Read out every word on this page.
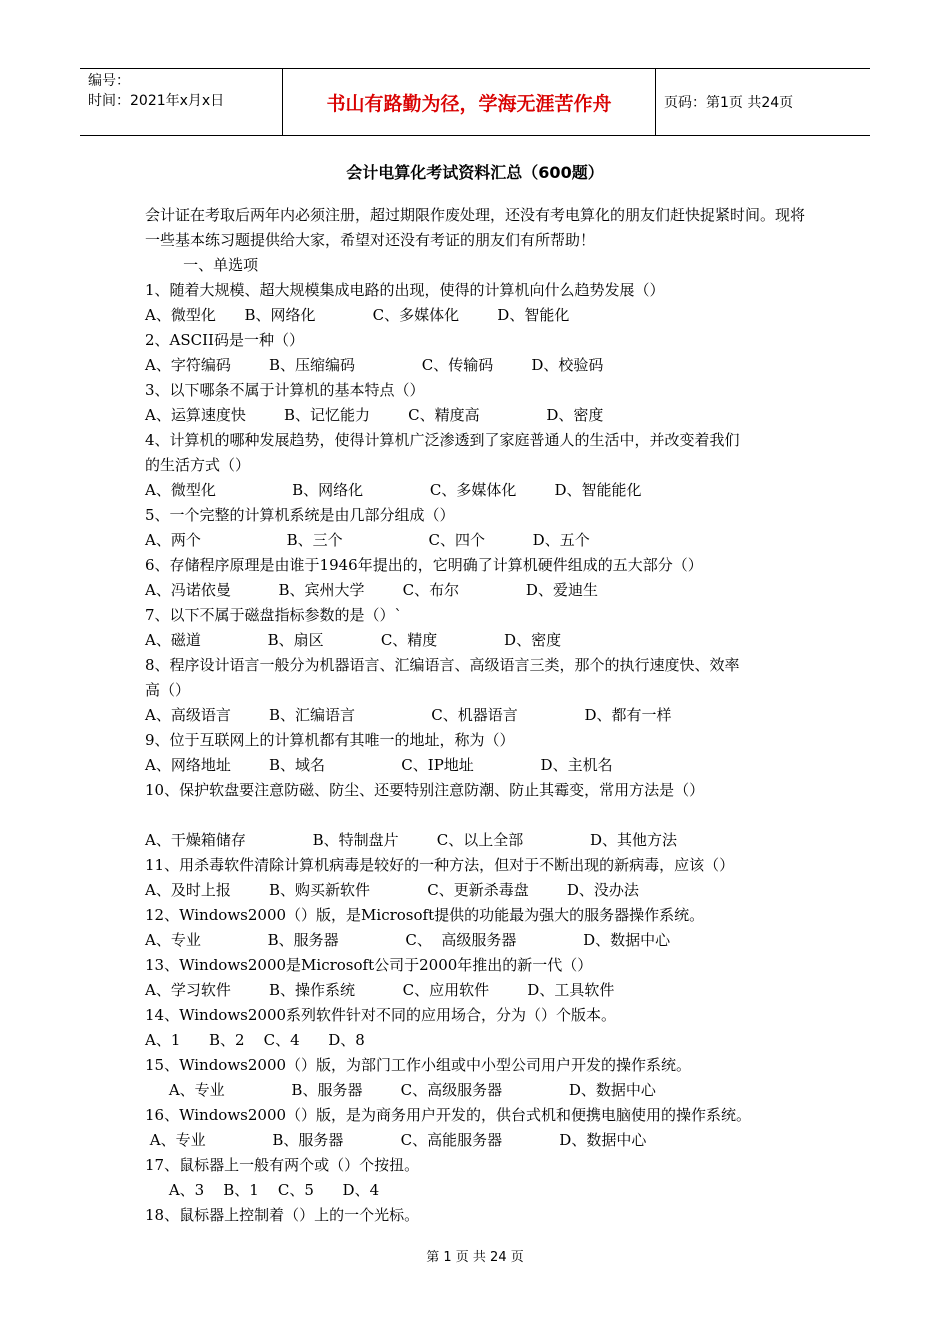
编号：
时间：2021年x月x日	书山有路勤为径，学海无涯苦作舟	页码：第1页 共24页
会计电算化考试资料汇总（600题）

会计证在考取后两年内必须注册，超过期限作废处理，还没有考电算化的朋友们赶快捉紧时间。现将一些基本练习题提供给大家，希望对还没有考证的朋友们有所帮助！

一、单选项

1、随着大规模、超大规模集成电路的出现，使得的计算机向什么趋势发展（）

A、微型化      B、网络化            C、多媒体化        D、智能化

2、ASCII码是一种（）

A、字符编码        B、压缩编码              C、传输码        D、校验码

3、以下哪条不属于计算机的基本特点（）

A、运算速度快        B、记忆能力        C、精度高              D、密度

4、计算机的哪种发展趋势，使得计算机广泛渗透到了家庭普通人的生活中，并改变着我们

的生活方式（）

A、微型化                B、网络化              C、多媒体化        D、智能能化

5、一个完整的计算机系统是由几部分组成（）

A、两个                  B、三个                  C、四个          D、五个

6、存储程序原理是由谁于1946年提出的，它明确了计算机硬件组成的五大部分（）

A、冯诺依曼          B、宾州大学        C、布尔              D、爱迪生

7、以下不属于磁盘指标参数的是（）`

A、磁道              B、扇区            C、精度              D、密度

8、程序设计语言一般分为机器语言、汇编语言、高级语言三类，那个的执行速度快、效率

高（）

A、高级语言        B、汇编语言                C、机器语言              D、都有一样

9、位于互联网上的计算机都有其唯一的地址，称为（）

A、网络地址        B、域名                C、IP地址              D、主机名

10、保护软盘要注意防磁、防尘、还要特别注意防潮、防止其霉变，常用方法是（）

A、干燥箱储存              B、特制盘片        C、以上全部              D、其他方法

11、用杀毒软件清除计算机病毒是较好的一种方法，但对于不断出现的新病毒，应该（）

A、及时上报        B、购买新软件            C、更新杀毒盘        D、没办法

12、Windows2000（）版，是Microsoft提供的功能最为强大的服务器操作系统。

A、专业              B、服务器              C、  高级服务器              D、数据中心

13、Windows2000是Microsoft公司于2000年推出的新一代（）

A、学习软件        B、操作系统          C、应用软件        D、工具软件

14、Windows2000系列软件针对不同的应用场合，分为（）个版本。

A、1      B、2    C、4      D、8

15、Windows2000（）版，为部门工作小组或中小型公司用户开发的操作系统。

A、专业              B、服务器        C、高级服务器              D、数据中心

16、Windows2000（）版，是为商务用户开发的，供台式机和便携电脑使用的操作系统。

A、专业              B、服务器            C、高能服务器            D、数据中心

17、鼠标器上一般有两个或（）个按扭。

A、3    B、1    C、5      D、4

18、鼠标器上控制着（）上的一个光标。

第 1 页 共 24 页
